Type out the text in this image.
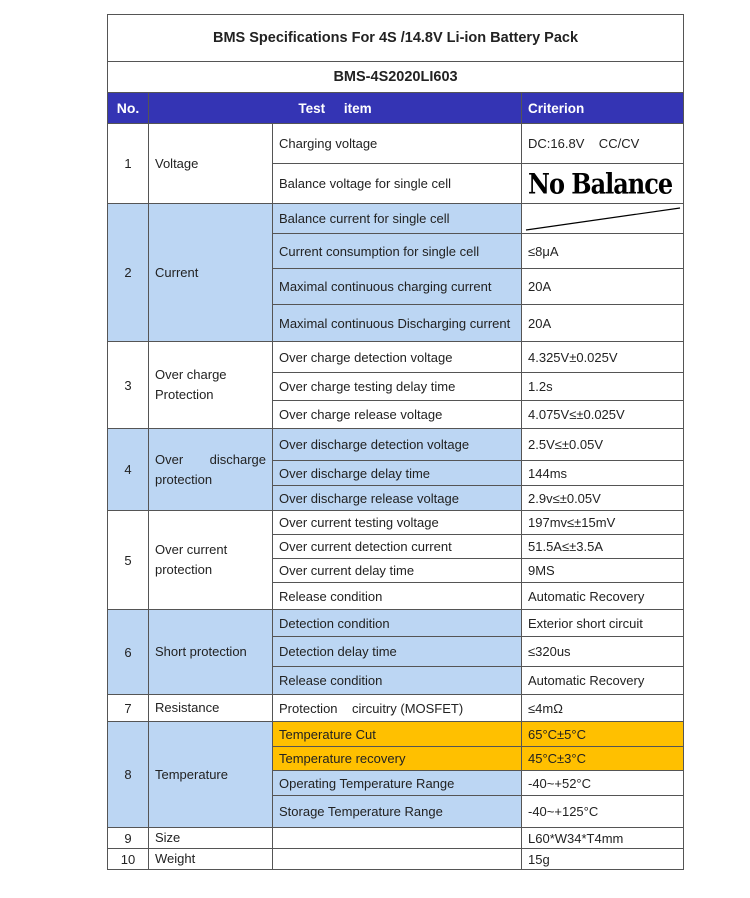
BMS Specifications For 4S /14.8V Li-ion Battery Pack			
BMS-4S2020LI603			
No.	Test     item		Criterion
1	Voltage	Charging voltage	DC:16.8V    CC/CV
		Balance voltage for single cell	No Balance
2	Current	Balance current for single cell	

		Current consumption for single cell	≤8μA
		Maximal continuous charging current	20A
		Maximal continuous Discharging current	20A
3	Over charge Protection	Over charge detection voltage	4.325V±0.025V
		Over charge testing delay time	1.2s
		Over charge release voltage	4.075V≤±0.025V
4	Over discharge protection	Over discharge detection voltage	2.5V≤±0.05V
		Over discharge delay time	144ms
		Over discharge release voltage	2.9v≤±0.05V
5	Over current protection	Over current testing voltage	197mv≤±15mV
		Over current detection current	51.5A≤±3.5A
		Over current delay time	9MS
		Release condition	Automatic Recovery
6	Short protection	Detection condition	Exterior short circuit
		Detection delay time	≤320us
		Release condition	Automatic Recovery
7	Resistance	Protection    circuitry (MOSFET)	≤4mΩ
8	Temperature	Temperature Cut	65°C±5°C
		Temperature recovery	45°C±3°C
		Operating Temperature Range	-40~+52°C
		Storage Temperature Range	-40~+125°C
9	Size		L60*W34*T4mm
10	Weight		15g
